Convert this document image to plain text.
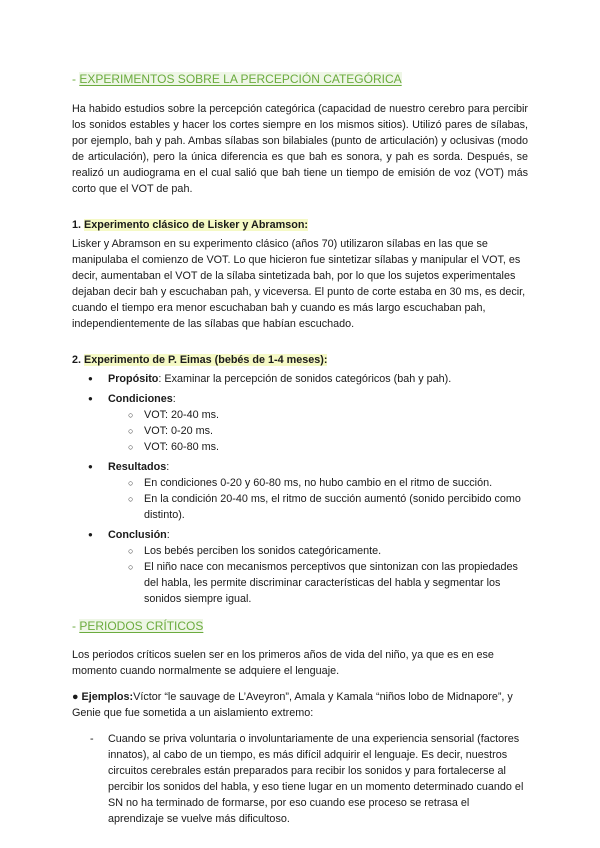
- EXPERIMENTOS SOBRE LA PERCEPCIÓN CATEGÓRICA

Ha habido estudios sobre la percepción categórica (capacidad de nuestro cerebro para percibir los sonidos estables y hacer los cortes siempre en los mismos sitios). Utilizó pares de sílabas, por ejemplo, bah y pah. Ambas sílabas son bilabiales (punto de articulación) y oclusivas (modo de articulación), pero la única diferencia es que bah es sonora, y pah es sorda. Después, se realizó un audiograma en el cual salió que bah tiene un tiempo de emisión de voz (VOT) más corto que el VOT de pah.

1. Experimento clásico de Lisker y Abramson:

Lisker y Abramson en su experimento clásico (años 70) utilizaron sílabas en las que se manipulaba el comienzo de VOT. Lo que hicieron fue sintetizar sílabas y manipular el VOT, es decir, aumentaban el VOT de la sílaba sintetizada bah, por lo que los sujetos experimentales dejaban decir bah y escuchaban pah, y viceversa. El punto de corte estaba en 30 ms, es decir, cuando el tiempo era menor escuchaban bah y cuando es más largo escuchaban pah, independientemente de las sílabas que habían escuchado.

2. Experimento de P. Eimas (bebés de 1-4 meses):

● Propósito: Examinar la percepción de sonidos categóricos (bah y pah).
● Condiciones:
○ VOT: 20-40 ms.
○ VOT: 0-20 ms.
○ VOT: 60-80 ms.
● Resultados:
○ En condiciones 0-20 y 60-80 ms, no hubo cambio en el ritmo de succión.
○ En la condición 20-40 ms, el ritmo de succión aumentó (sonido percibido como distinto).
● Conclusión:
○ Los bebés perciben los sonidos categóricamente.
○ El niño nace con mecanismos perceptivos que sintonizan con las propiedades del habla, les permite discriminar características del habla y segmentar los sonidos siempre igual.
- PERIODOS CRÍTICOS

Los periodos críticos suelen ser en los primeros años de vida del niño, ya que es en ese momento cuando normalmente se adquiere el lenguaje.

● Ejemplos:Víctor “le sauvage de L’Aveyron”, Amala y Kamala “niños lobo de Midnapore”, y Genie que fue sometida a un aislamiento extremo:

- Cuando se priva voluntaria o involuntariamente de una experiencia sensorial (factores innatos), al cabo de un tiempo, es más difícil adquirir el lenguaje. Es decir, nuestros circuitos cerebrales están preparados para recibir los sonidos y para fortalecerse al percibir los sonidos del habla, y eso tiene lugar en un momento determinado cuando el SN no ha terminado de formarse, por eso cuando ese proceso se retrasa el aprendizaje se vuelve más dificultoso.
